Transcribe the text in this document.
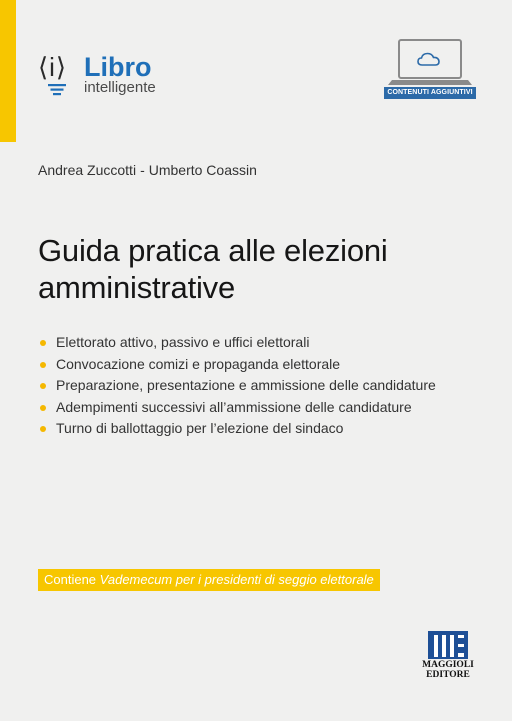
⟨i⟩ Libro
intelligente	CONTENUTI AGGIUNTIVI
Andrea Zuccotti - Umberto Coassin
Guida pratica alle elezioni
amministrative
Elettorato attivo, passivo e uffici elettorali
Convocazione comizi e propaganda elettorale
Preparazione, presentazione e ammissione delle candidature
Adempimenti successivi all’ammissione delle candidature
Turno di ballottaggio per l’elezione del sindaco
Contiene Vademecum per i presidenti di seggio elettorale
MAGGIOLI
EDITORE
